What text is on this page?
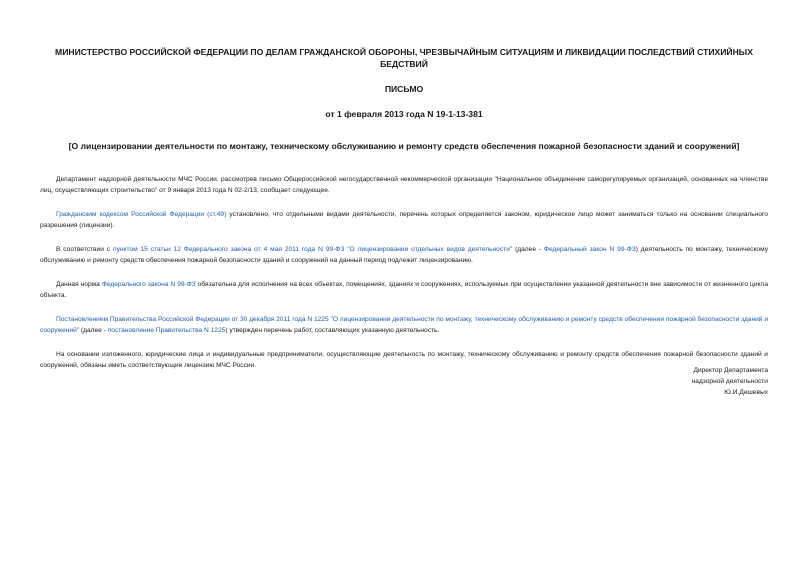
МИНИСТЕРСТВО РОССИЙСКОЙ ФЕДЕРАЦИИ ПО ДЕЛАМ ГРАЖДАНСКОЙ ОБОРОНЫ, ЧРЕЗВЫЧАЙНЫМ СИТУАЦИЯМ И ЛИКВИДАЦИИ ПОСЛЕДСТВИЙ СТИХИЙНЫХ БЕДСТВИЙ

ПИСЬМО

от 1 февраля 2013 года N 19-1-13-381

[О лицензировании деятельности по монтажу, техническому обслуживанию и ремонту средств обеспечения пожарной безопасности зданий и сооружений]

Департамент надзорной деятельности МЧС России, рассмотрев письмо Общероссийской негосударственной некоммерческой организации "Национальное объединение саморегулируемых организаций, основанных на членстве лиц, осуществляющих строительство" от 9 января 2013 года N 02-2/13, сообщает следующее.

Гражданским кодексом Российской Федерации (ст.49) установлено, что отдельными видами деятельности, перечень которых определяется законом, юридическое лицо может заниматься только на основании специального разрешения (лицензии).

В соответствии с пунктом 15 статьи 12 Федерального закона от 4 мая 2011 года N 99-ФЗ "О лицензировании отдельных видов деятельности" (далее - Федеральный закон N 99-ФЗ) деятельность по монтажу, техническому обслуживанию и ремонту средств обеспечения пожарной безопасности зданий и сооружений на данный период подлежит лицензированию.

Данная норма Федерального закона N 99-ФЗ обязательна для исполнения на всех объектах, помещениях, зданиях и сооружениях, используемых при осуществлении указанной деятельности вне зависимости от жизненного цикла объекта.

Постановлением Правительства Российской Федерации от 30 декабря 2011 года N 1225 "О лицензировании деятельности по монтажу, техническому обслуживанию и ремонту средств обеспечения пожарной безопасности зданий и сооружений" (далее - постановление Правительства N 1225) утвержден перечень работ, составляющих указанную деятельность.

На основании изложенного, юридические лица и индивидуальные предприниматели, осуществляющие деятельность по монтажу, техническому обслуживанию и ремонту средств обеспечения пожарной безопасности зданий и сооружений, обязаны иметь соответствующие лицензию МЧС России.

Директор Департамента
надзорной деятельности
Ю.И.Дешевых
